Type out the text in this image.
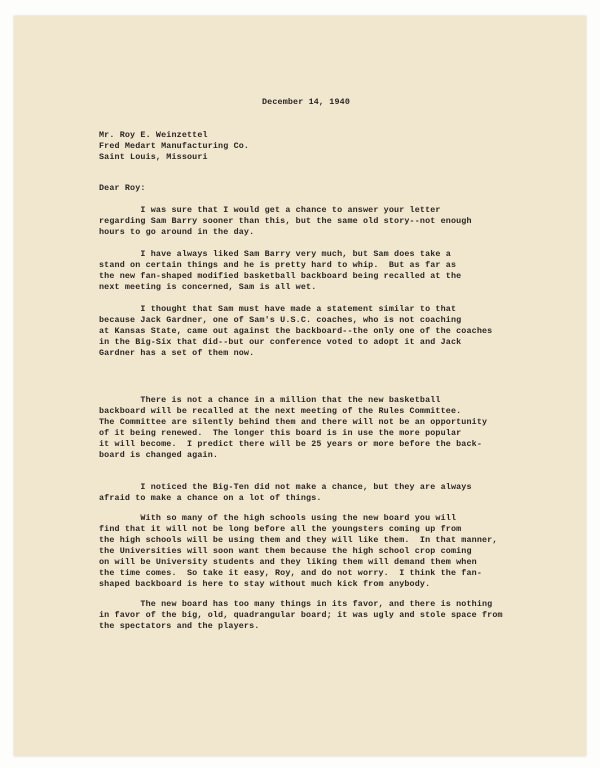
December 14, 1940

Mr. Roy E. Weinzettel
Fred Medart Manufacturing Co.
Saint Louis, Missouri

Dear Roy:

I was sure that I would get a chance to answer your letter
regarding Sam Barry sooner than this, but the same old story--not enough
hours to go around in the day.

I have always liked Sam Barry very much, but Sam does take a
stand on certain things and he is pretty hard to whip.  But as far as
the new fan-shaped modified basketball backboard being recalled at the
next meeting is concerned, Sam is all wet.

I thought that Sam must have made a statement similar to that
because Jack Gardner, one of Sam's U.S.C. coaches, who is not coaching
at Kansas State, came out against the backboard--the only one of the coaches
in the Big-Six that did--but our conference voted to adopt it and Jack
Gardner has a set of them now.

There is not a chance in a million that the new basketball
backboard will be recalled at the next meeting of the Rules Committee.
The Committee are silently behind them and there will not be an opportunity
of it being renewed.  The longer this board is in use the more popular
it will become.  I predict there will be 25 years or more before the back-
board is changed again.

I noticed the Big-Ten did not make a chance, but they are always
afraid to make a chance on a lot of things.

With so many of the high schools using the new board you will
find that it will not be long before all the youngsters coming up from
the high schools will be using them and they will like them.  In that manner,
the Universities will soon want them because the high school crop coming
on will be University students and they liking them will demand them when
the time comes.  So take it easy, Roy, and do not worry.  I think the fan-
shaped backboard is here to stay without much kick from anybody.

The new board has too many things in its favor, and there is nothing
in favor of the big, old, quadrangular board; it was ugly and stole space from
the spectators and the players.
